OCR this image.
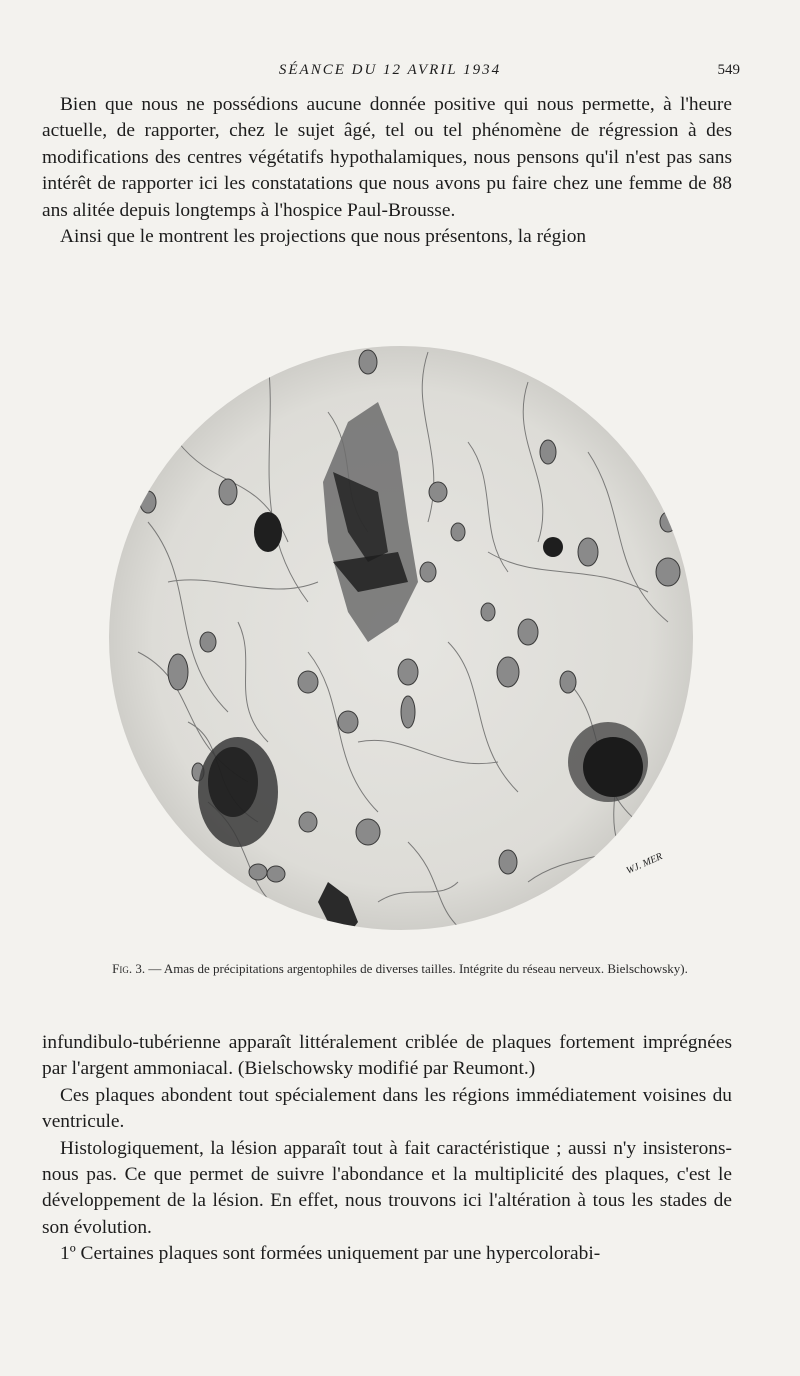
SÉANCE DU 12 AVRIL 1934	549

Bien que nous ne possédions aucune donnée positive qui nous permette, à l'heure actuelle, de rapporter, chez le sujet âgé, tel ou tel phénomène de régression à des modifications des centres végétatifs hypothalamiques, nous pensons qu'il n'est pas sans intérêt de rapporter ici les constatations que nous avons pu faire chez une femme de 88 ans alitée depuis longtemps à l'hospice Paul-Brousse.

Ainsi que le montrent les projections que nous présentons, la région

WJ. MER
Fig. 3. — Amas de précipitations argentophiles de diverses tailles. Intégrite du réseau nerveux. Bielschowsky).

infundibulo-tubérienne apparaît littéralement criblée de plaques fortement imprégnées par l'argent ammoniacal. (Bielschowsky modifié par Reumont.)

Ces plaques abondent tout spécialement dans les régions immédiatement voisines du ventricule.

Histologiquement, la lésion apparaît tout à fait caractéristique ; aussi n'y insisterons-nous pas. Ce que permet de suivre l'abondance et la multiplicité des plaques, c'est le développement de la lésion. En effet, nous trouvons ici l'altération à tous les stades de son évolution.

1º Certaines plaques sont formées uniquement par une hypercolorabi-
